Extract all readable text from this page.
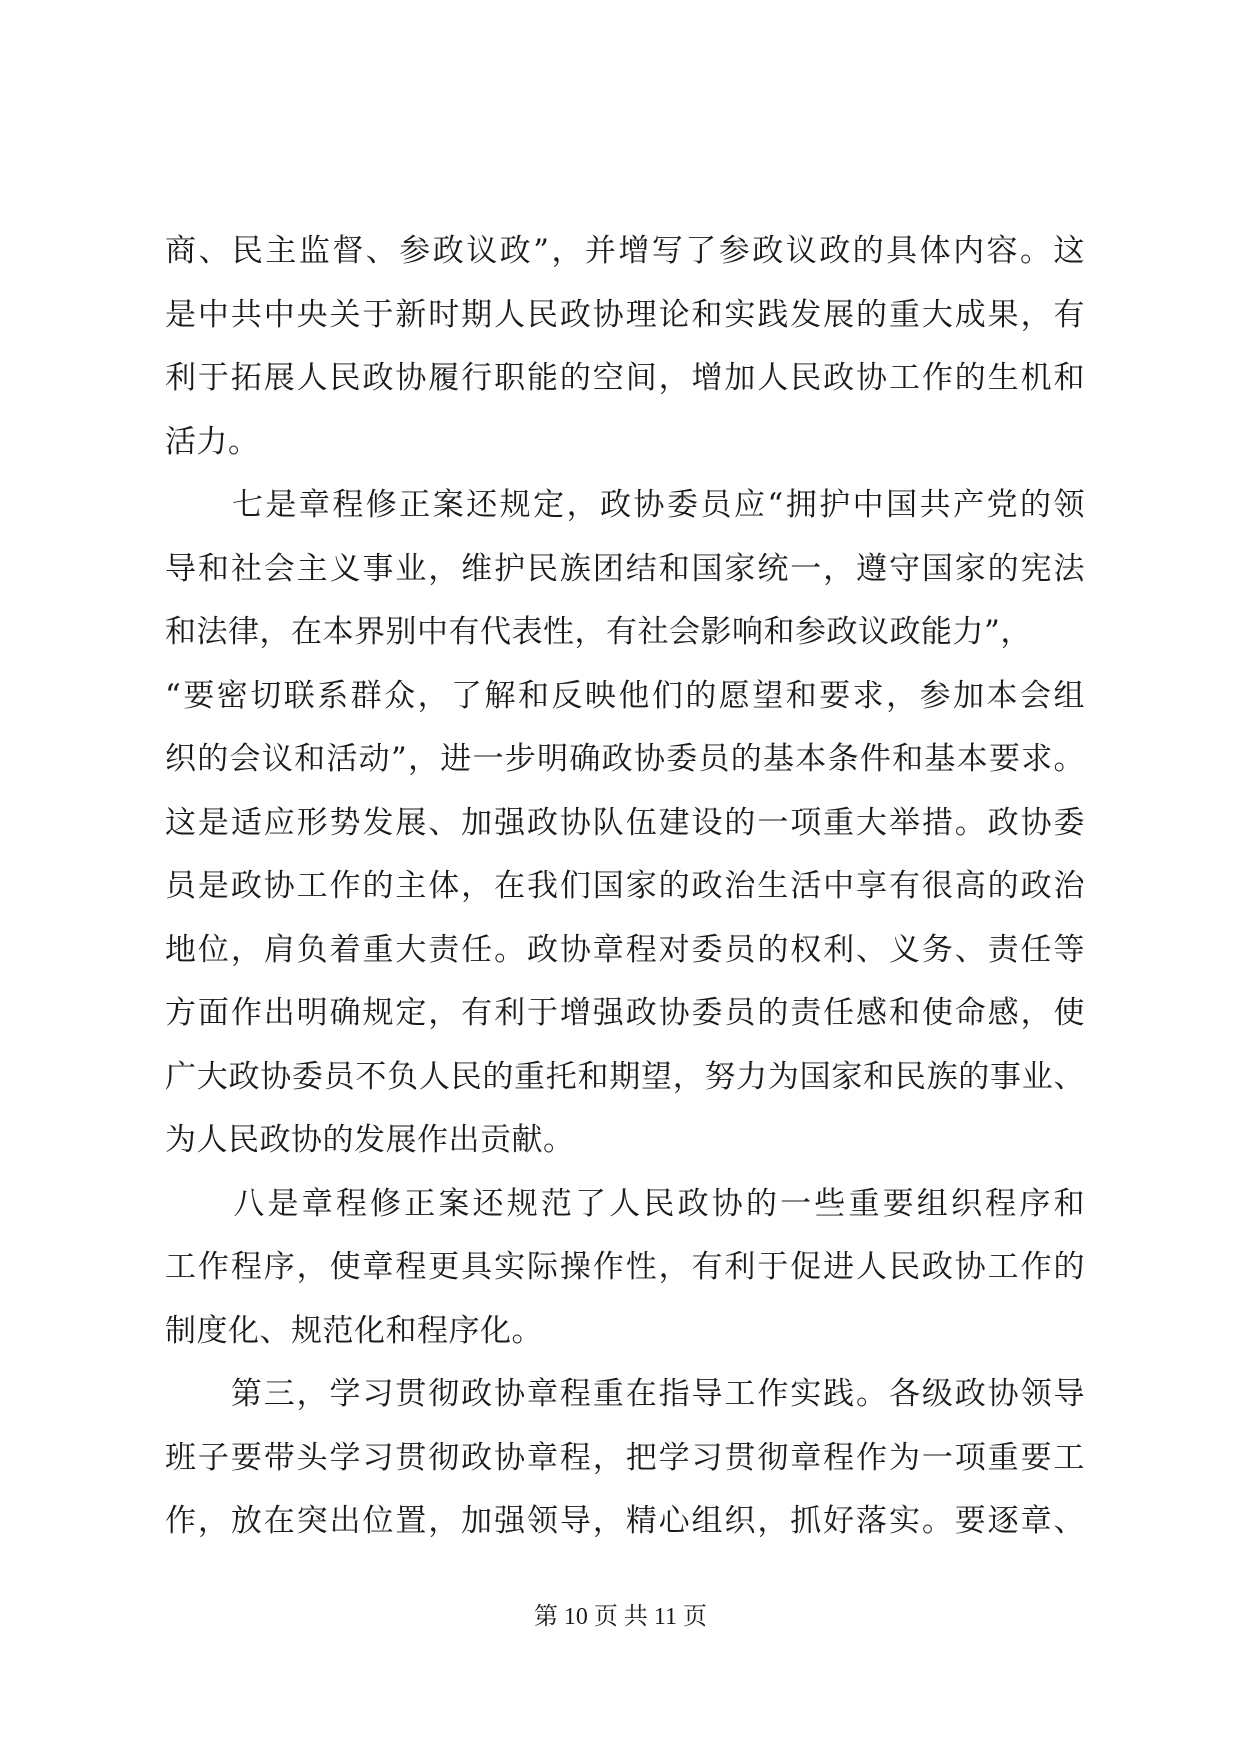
商、民主监督、参政议政”，并增写了参政议政的具体内容。这
是中共中央关于新时期人民政协理论和实践发展的重大成果，有
利于拓展人民政协履行职能的空间，增加人民政协工作的生机和
活力。
　　七是章程修正案还规定，政协委员应“拥护中国共产党的领
导和社会主义事业，维护民族团结和国家统一，遵守国家的宪法
和法律，在本界别中有代表性，有社会影响和参政议政能力”，
“要密切联系群众，了解和反映他们的愿望和要求，参加本会组
织的会议和活动”，进一步明确政协委员的基本条件和基本要求。
这是适应形势发展、加强政协队伍建设的一项重大举措。政协委
员是政协工作的主体，在我们国家的政治生活中享有很高的政治
地位，肩负着重大责任。政协章程对委员的权利、义务、责任等
方面作出明确规定，有利于增强政协委员的责任感和使命感，使
广大政协委员不负人民的重托和期望，努力为国家和民族的事业、
为人民政协的发展作出贡献。
　　八是章程修正案还规范了人民政协的一些重要组织程序和
工作程序，使章程更具实际操作性，有利于促进人民政协工作的
制度化、规范化和程序化。
　　第三，学习贯彻政协章程重在指导工作实践。各级政协领导
班子要带头学习贯彻政协章程，把学习贯彻章程作为一项重要工
作，放在突出位置，加强领导，精心组织，抓好落实。要逐章、
第 10 页 共 11 页
